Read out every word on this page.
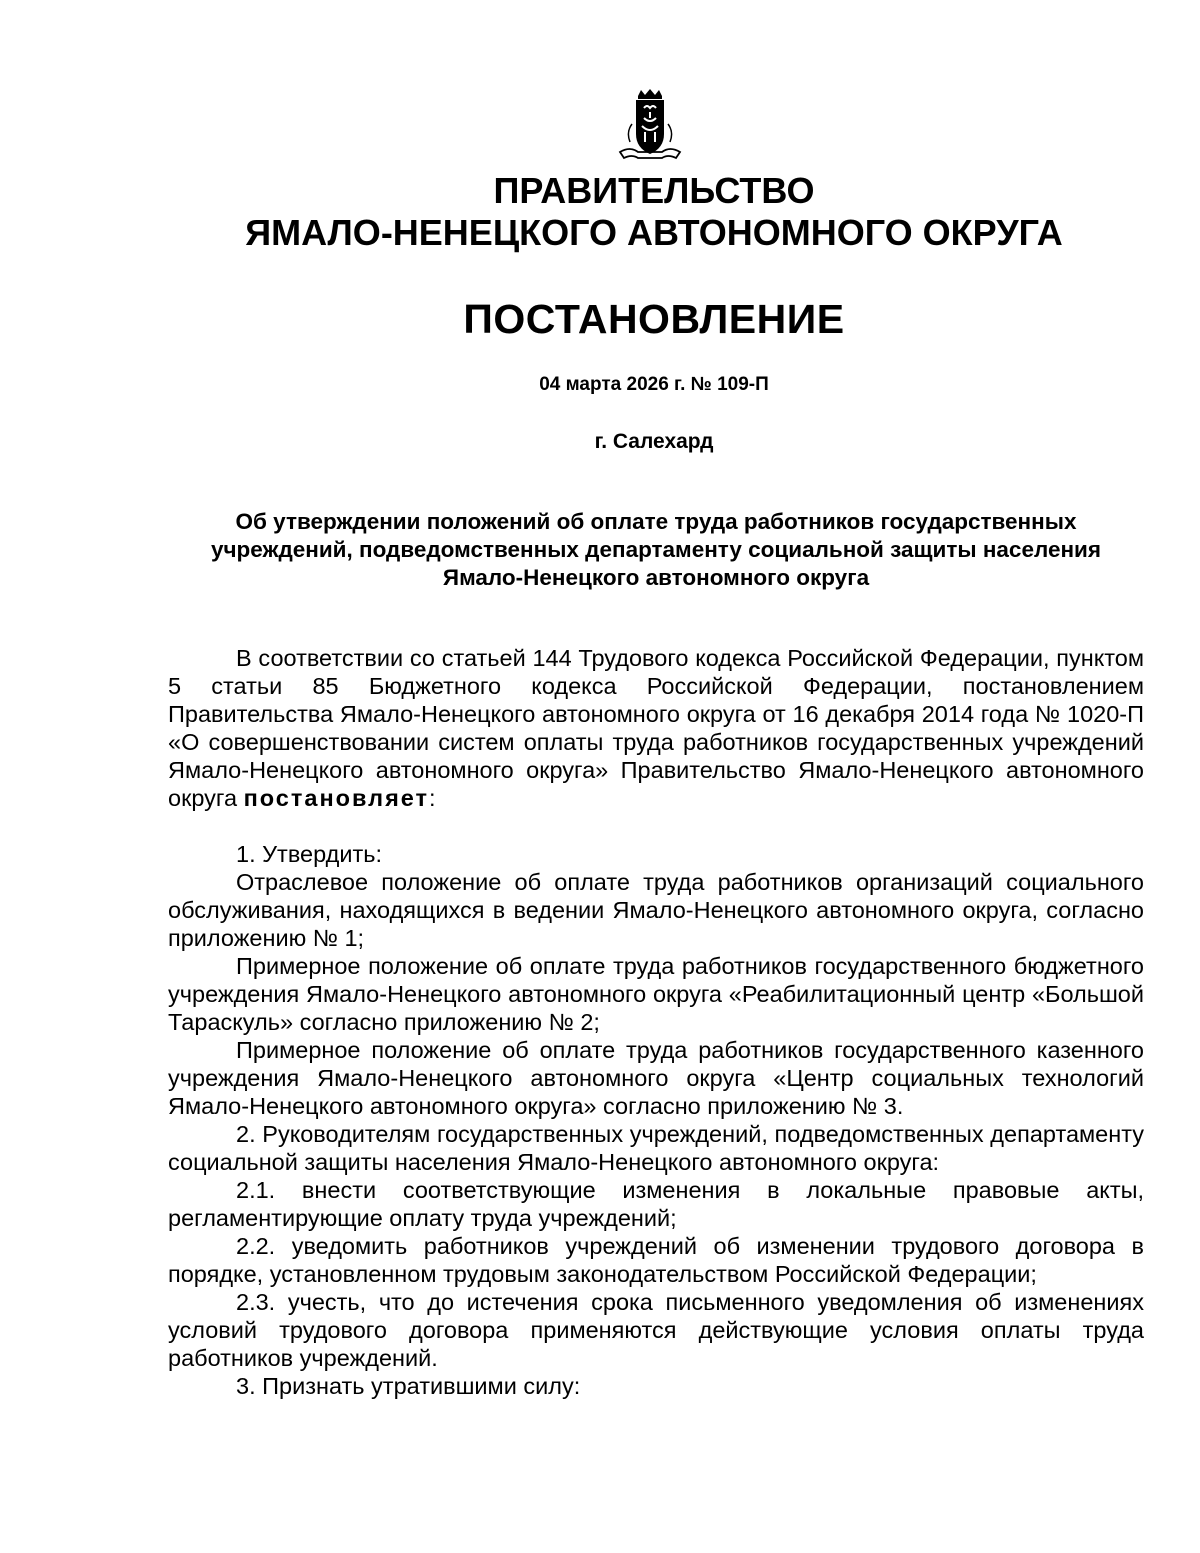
ПРАВИТЕЛЬСТВО
ЯМАЛО-НЕНЕЦКОГО АВТОНОМНОГО ОКРУГА
ПОСТАНОВЛЕНИЕ
04 марта 2026 г. № 109-П
г. Салехард

Об утверждении положений об оплате труда работников государственных учреждений, подведомственных департаменту социальной защиты населения Ямало-Ненецкого автономного округа

В соответствии со статьей 144 Трудового кодекса Российской Федерации, пунктом 5 статьи 85 Бюджетного кодекса Российской Федерации, постановлением Правительства Ямало-Ненецкого автономного округа от 16 декабря 2014 года № 1020-П «О совершенствовании систем оплаты труда работников государственных учреждений Ямало-Ненецкого автономного округа» Правительство Ямало-Ненецкого автономного округа постановляет:

1. Утвердить:

Отраслевое положение об оплате труда работников организаций социального обслуживания, находящихся в ведении Ямало-Ненецкого автономного округа, согласно приложению № 1;

Примерное положение об оплате труда работников государственного бюджетного учреждения Ямало-Ненецкого автономного округа «Реабилитационный центр «Большой Тараскуль» согласно приложению № 2;

Примерное положение об оплате труда работников государственного казенного учреждения Ямало-Ненецкого автономного округа «Центр социальных технологий Ямало-Ненецкого автономного округа» согласно приложению № 3.

2. Руководителям государственных учреждений, подведомственных департаменту социальной защиты населения Ямало-Ненецкого автономного округа:

2.1. внести соответствующие изменения в локальные правовые акты, регламентирующие оплату труда учреждений;

2.2. уведомить работников учреждений об изменении трудового договора в порядке, установленном трудовым законодательством Российской Федерации;

2.3. учесть, что до истечения срока письменного уведомления об изменениях условий трудового договора применяются действующие условия оплаты труда работников учреждений.

3. Признать утратившими силу:
